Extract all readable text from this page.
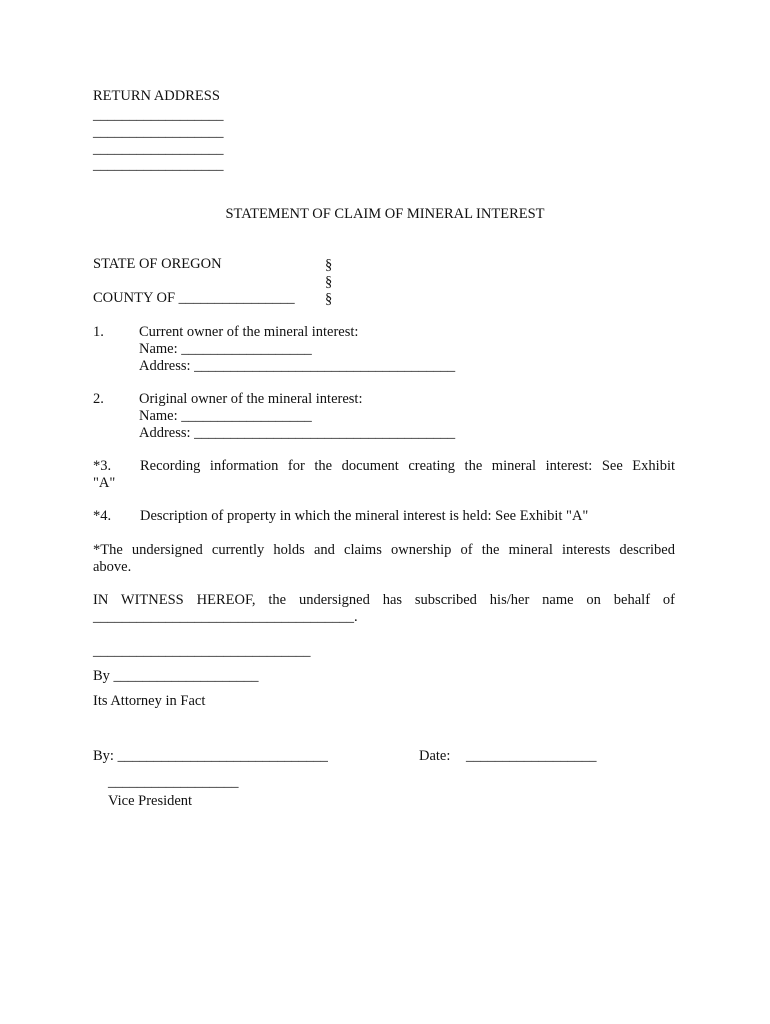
RETURN ADDRESS
__________________
__________________
__________________
__________________
STATEMENT OF CLAIM OF MINERAL INTEREST
STATE OF OREGON
COUNTY OF ________________
§
§
§
1. Current owner of the mineral interest:
Name: __________________
Address: ____________________________________
2. Original owner of the mineral interest:
Name: __________________
Address: ____________________________________
*3. Recording information for the document creating the mineral interest: See Exhibit
"A"
*4. Description of property in which the mineral interest is held: See Exhibit "A"
*The undersigned currently holds and claims ownership of the mineral interests described
above.
IN WITNESS HEREOF, the undersigned has subscribed his/her name on behalf of
____________________________________.
______________________________
By ____________________
Its Attorney in Fact
By: _____________________________	Date: __________________
__________________
Vice President
